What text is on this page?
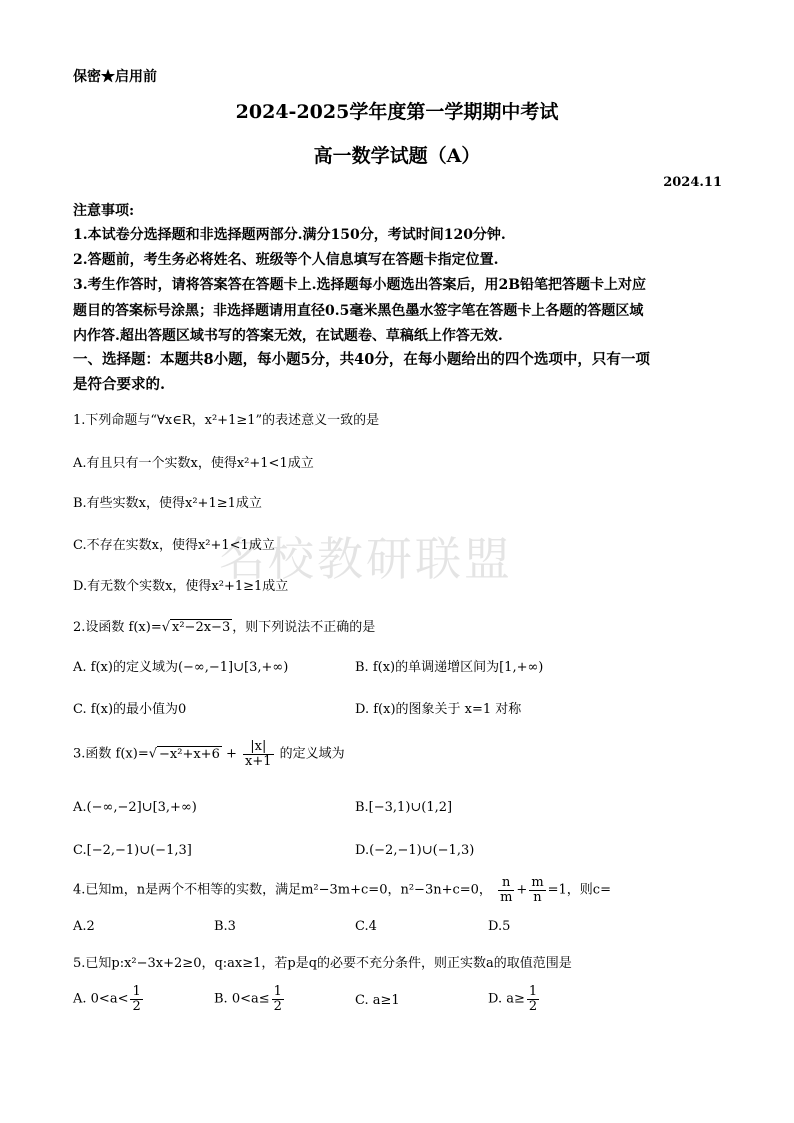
保密★启用前
2024-2025学年度第一学期期中考试
高一数学试题（A）
2024.11
注意事项:
1.本试卷分选择题和非选择题两部分.满分150分，考试时间120分钟.
2.答题前，考生务必将姓名、班级等个人信息填写在答题卡指定位置.
3.考生作答时，请将答案答在答题卡上.选择题每小题选出答案后，用2B铅笔把答题卡上对应
题目的答案标号涂黑；非选择题请用直径0.5毫米黑色墨水签字笔在答题卡上各题的答题区域
内作答.超出答题区域书写的答案无效，在试题卷、草稿纸上作答无效.
一、选择题：本题共8小题，每小题5分，共40分，在每小题给出的四个选项中，只有一项
是符合要求的.
名校教研联盟
1.下列命题与“∀x∈R，x²+1≥1”的表述意义一致的是
A.有且只有一个实数x，使得x²+1<1成立
B.有些实数x，使得x²+1≥1成立
C.不存在实数x，使得x²+1<1成立
D.有无数个实数x，使得x²+1≥1成立
2.设函数 f(x)=√ x²−2x−3 ，则下列说法不正确的是
A. f(x)的定义域为(−∞,−1]∪[3,+∞)	B. f(x)的单调递增区间为[1,+∞)
C. f(x)的最小值为0	D. f(x)的图象关于 x=1 对称
3.函数 $f(x)=√ -x^2+x+6 + \frac{|x|}{x+1}$ 的定义域为
A.(−∞,−2]∪[3,+∞)	B.[−3,1)∪(1,2]
C.[−2,−1)∪(−1,3]	D.(−2,−1)∪(−1,3)
4.已知m，n是两个不相等的实数，满足m²−3m+c=0，n²−3n+c=0， $\frac{n}{m} + \frac{m}{n} =1$，则c=
A.2	B.3	C.4	D.5
5.已知p:x²−3x+2≥0，q:ax≥1，若p是q的必要不充分条件，则正实数a的取值范围是
A. $0<a< \frac{1}{2}$	B. $0<a\le \frac{1}{2}$	C. a≥1	D. $a\ge \frac{1}{2}$
